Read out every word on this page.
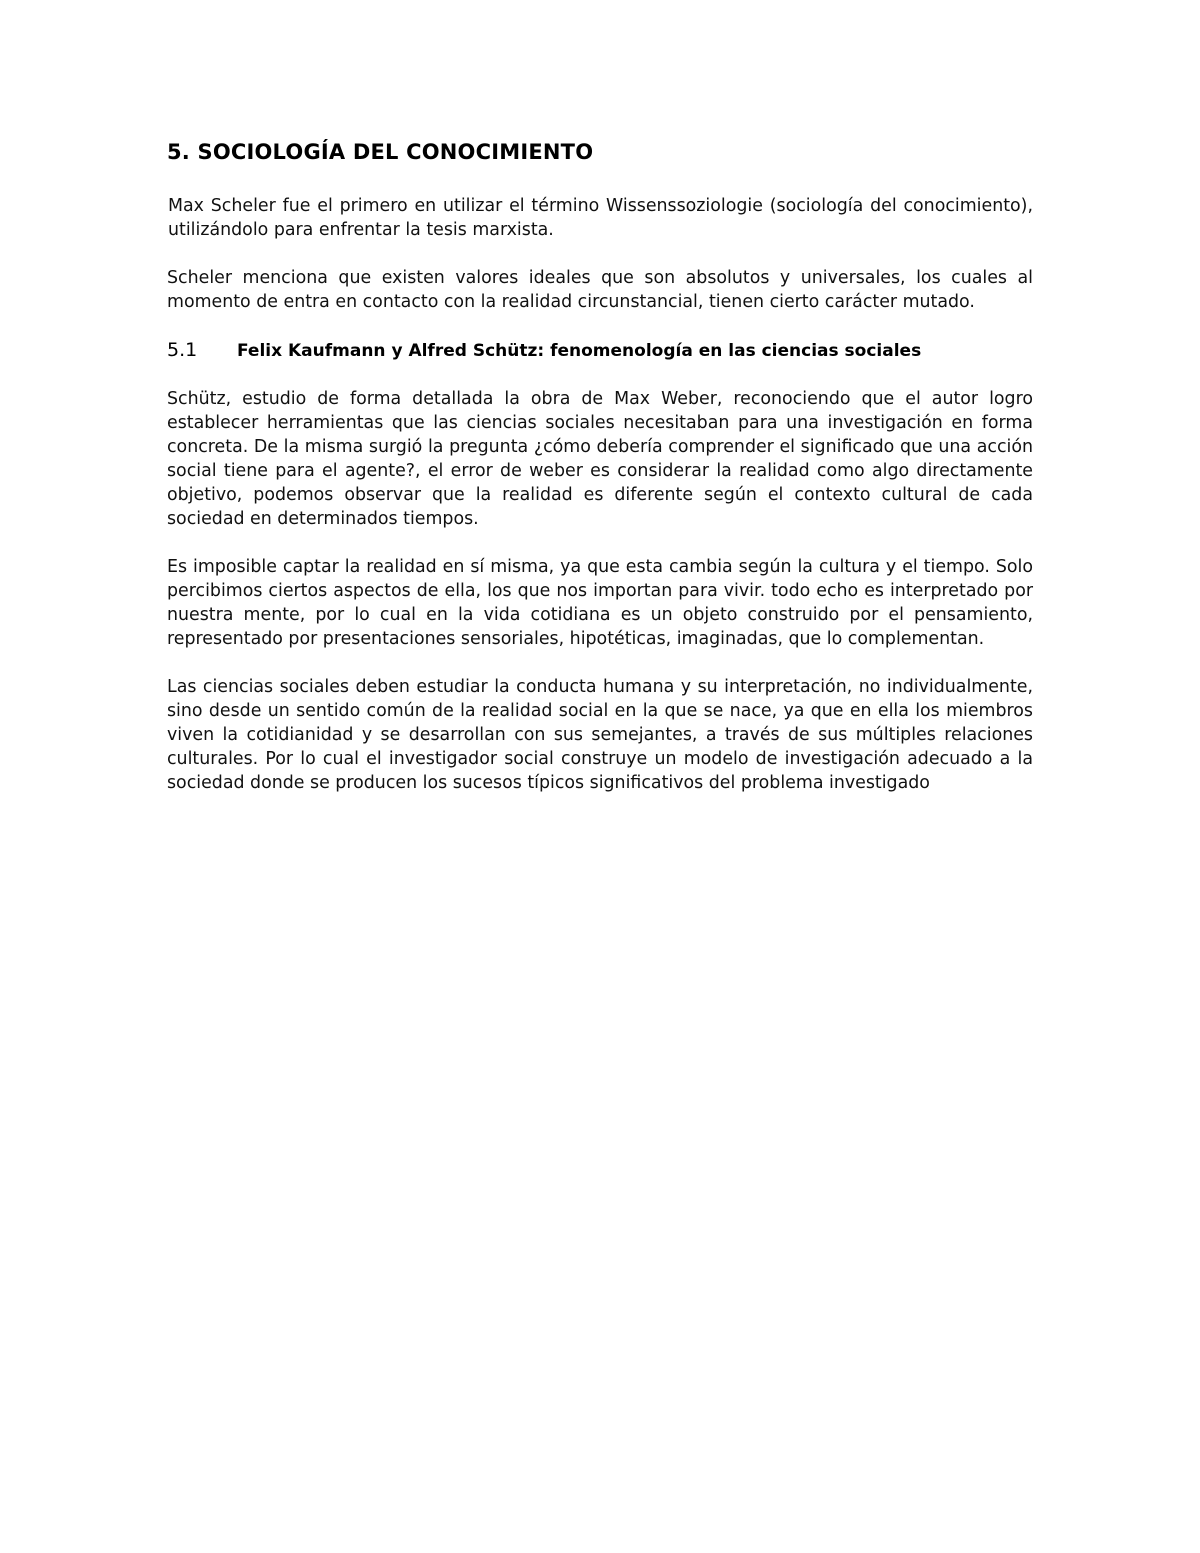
5. SOCIOLOGÍA DEL CONOCIMIENTO

Max Scheler fue el primero en utilizar el término Wissenssoziologie (sociología del conocimiento), utilizándolo para enfrentar la tesis marxista.

Scheler menciona que existen valores ideales que son absolutos y universales, los cuales al momento de entra en contacto con la realidad circunstancial, tienen cierto carácter mutado.

5.1	Felix Kaufmann y Alfred Schütz: fenomenología en las ciencias sociales

Schütz, estudio de forma detallada la obra de Max Weber, reconociendo que el autor logro establecer herramientas que las ciencias sociales necesitaban para una investigación en forma concreta. De la misma surgió la pregunta ¿cómo debería comprender el significado que una acción social tiene para el agente?, el error de weber es considerar la realidad como algo directamente objetivo, podemos observar que la realidad es diferente según el contexto cultural de cada sociedad en determinados tiempos.

Es imposible captar la realidad en sí misma, ya que esta cambia según la cultura y el tiempo. Solo percibimos ciertos aspectos de ella, los que nos importan para vivir. todo echo es interpretado por nuestra mente, por lo cual en la vida cotidiana es un objeto construido por el pensamiento, representado por presentaciones sensoriales, hipotéticas, imaginadas, que lo complementan.

Las ciencias sociales deben estudiar la conducta humana y su interpretación, no individualmente, sino desde un sentido común de la realidad social en la que se nace, ya que en ella los miembros viven la cotidianidad y se desarrollan con sus semejantes, a través de sus múltiples relaciones culturales. Por lo cual el investigador social construye un modelo de investigación adecuado a la sociedad donde se producen los sucesos típicos significativos del problema investigado
